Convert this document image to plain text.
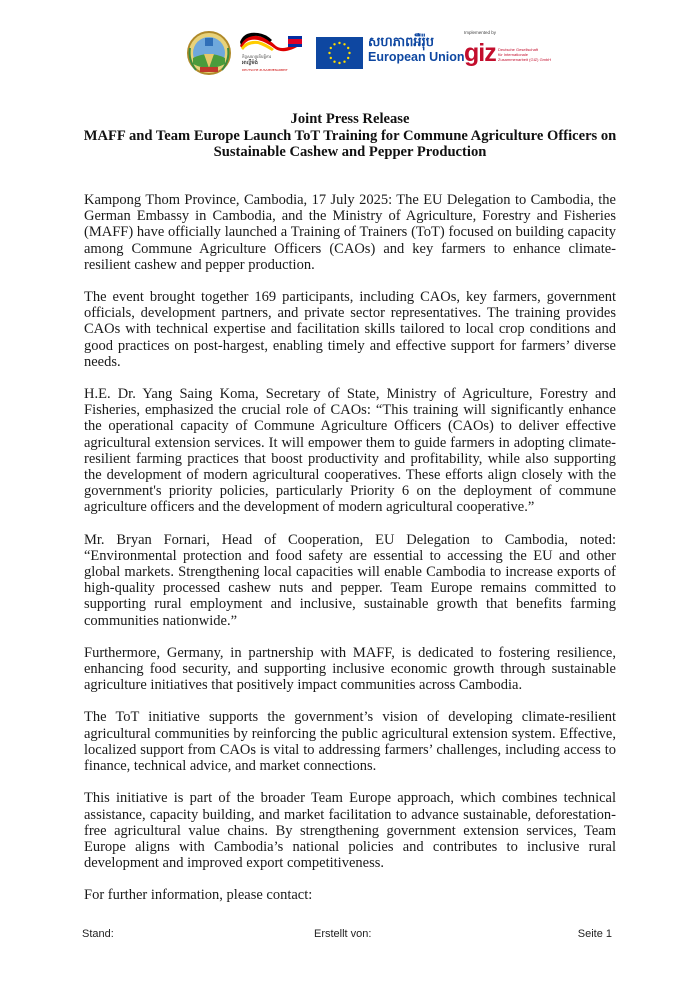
កិច្ចសហប្រតិបត្តិការ
អាល្លឺម៉ង់
DEUTSCHE ZUSAMMENARBEIT
សហភាពអឺរ៉ុប
European Union
Implemented by
giz Deutsche Gesellschaft
für Internationale
Zusammenarbeit (GIZ) GmbH
Joint Press Release
MAFF and Team Europe Launch ToT Training for Commune Agriculture Officers on
Sustainable Cashew and Pepper Production

Kampong Thom Province, Cambodia, 17 July 2025: The EU Delegation to Cambodia, the German Embassy in Cambodia, and the Ministry of Agriculture, Forestry and Fisheries (MAFF) have officially launched a Training of Trainers (ToT) focused on building capacity among Commune Agriculture Officers (CAOs) and key farmers to enhance climate-resilient cashew and pepper production.

The event brought together 169 participants, including CAOs, key farmers, government officials, development partners, and private sector representatives. The training provides CAOs with technical expertise and facilitation skills tailored to local crop conditions and good practices on post-hargest, enabling timely and effective support for farmers’ diverse needs.

H.E. Dr. Yang Saing Koma, Secretary of State, Ministry of Agriculture, Forestry and Fisheries, emphasized the crucial role of CAOs: “This training will significantly enhance the operational capacity of Commune Agriculture Officers (CAOs) to deliver effective agricultural extension services. It will empower them to guide farmers in adopting climate-resilient farming practices that boost productivity and profitability, while also supporting the development of modern agricultural cooperatives. These efforts align closely with the government's priority policies, particularly Priority 6 on the deployment of commune agriculture officers and the development of modern agricultural cooperative.”

Mr. Bryan Fornari, Head of Cooperation, EU Delegation to Cambodia, noted: “Environmental protection and food safety are essential to accessing the EU and other global markets. Strengthening local capacities will enable Cambodia to increase exports of high-quality processed cashew nuts and pepper. Team Europe remains committed to supporting rural employment and inclusive, sustainable growth that benefits farming communities nationwide.”

Furthermore, Germany, in partnership with MAFF, is dedicated to fostering resilience, enhancing food security, and supporting inclusive economic growth through sustainable agriculture initiatives that positively impact communities across Cambodia.

The ToT initiative supports the government’s vision of developing climate-resilient agricultural communities by reinforcing the public agricultural extension system. Effective, localized support from CAOs is vital to addressing farmers’ challenges, including access to finance, technical advice, and market connections.

This initiative is part of the broader Team Europe approach, which combines technical assistance, capacity building, and market facilitation to advance sustainable, deforestation-free agricultural value chains. By strengthening government extension services, Team Europe aligns with Cambodia’s national policies and contributes to inclusive rural development and improved export competitiveness.

For further information, please contact:

Stand:	Erstellt von:	Seite 1
